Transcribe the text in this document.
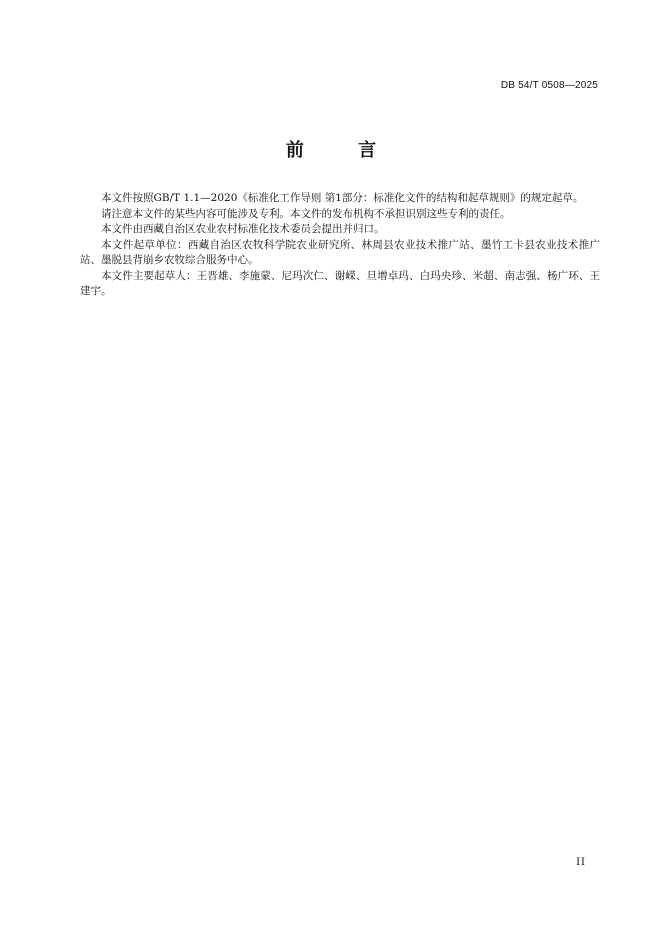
DB 54/T 0508—2025
前 言

本文件按照GB/T 1.1—2020《标准化工作导则 第1部分：标准化文件的结构和起草规则》的规定起草。

请注意本文件的某些内容可能涉及专利。本文件的发布机构不承担识别这些专利的责任。

本文件由西藏自治区农业农村标准化技术委员会提出并归口。

本文件起草单位：西藏自治区农牧科学院农业研究所、林周县农业技术推广站、墨竹工卡县农业技术推广站、墨脱县背崩乡农牧综合服务中心。

本文件主要起草人：王晋雄、李施蒙、尼玛次仁、谢嵘、旦增卓玛、白玛央珍、米超、南志强、杨广环、王建宇。

II
